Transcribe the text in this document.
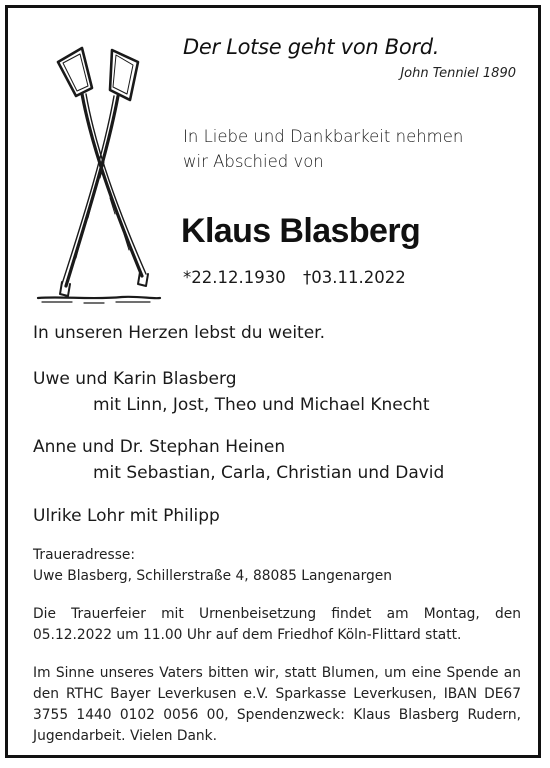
Der Lotse geht von Bord.
John Tenniel 1890
In Liebe und Dankbarkeit nehmen
wir Abschied von
Klaus Blasberg
*22.12.1930 †03.11.2022
In unseren Herzen lebst du weiter.
Uwe und Karin Blasberg
mit Linn, Jost, Theo und Michael Knecht
Anne und Dr. Stephan Heinen
mit Sebastian, Carla, Christian und David
Ulrike Lohr mit Philipp
Traueradresse:
Uwe Blasberg, Schillerstraße 4, 88085 Langenargen
Die Trauerfeier mit Urnenbeisetzung findet am Montag, den 05.12.2022 um 11.00 Uhr auf dem Friedhof Köln-Flittard statt.
Im Sinne unseres Vaters bitten wir, statt Blumen, um eine Spende an den RTHC Bayer Leverkusen e.V. Sparkasse Leverkusen, IBAN DE67 3755 1440 0102 0056 00, Spendenzweck: Klaus Blasberg Rudern, Jugendarbeit. Vielen Dank.
